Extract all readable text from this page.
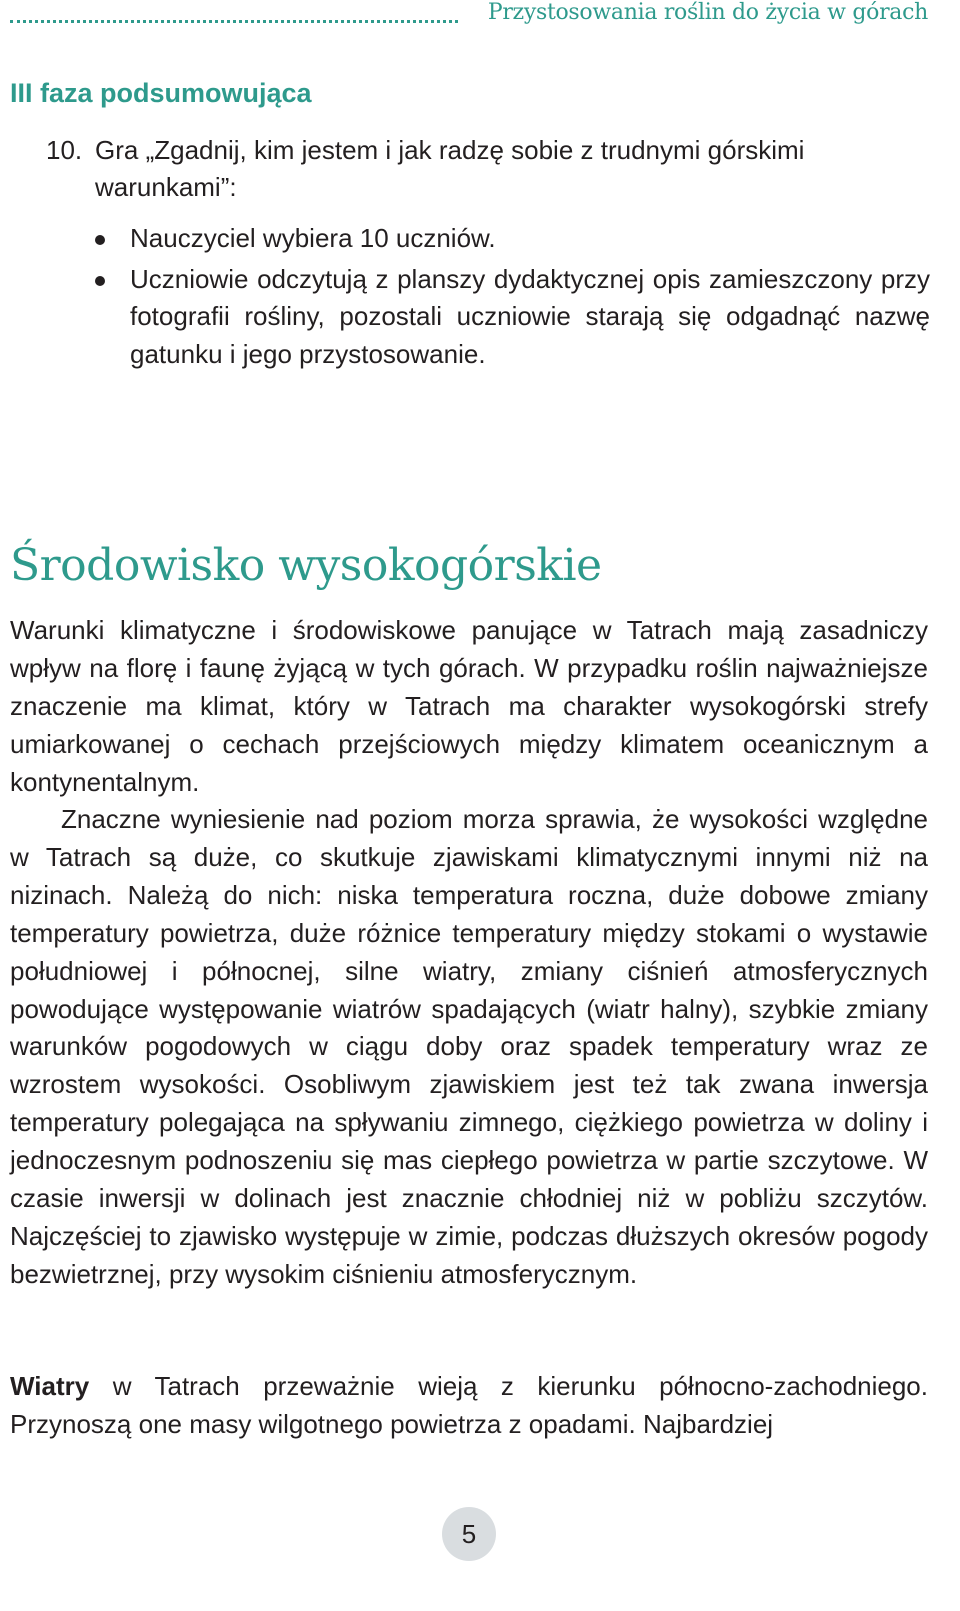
Przystosowania roślin do życia w górach
III faza podsumowująca
10. Gra „Zgadnij, kim jestem i jak radzę sobie z trudnymi górskimi warunkami”:
Nauczyciel wybiera 10 uczniów.
Uczniowie odczytują z planszy dydaktycznej opis zamieszczony przy fotografii rośliny, pozostali uczniowie starają się odgadnąć nazwę gatunku i jego przystosowanie.
Środowisko wysokogórskie

Warunki klimatyczne i środowiskowe panujące w Tatrach mają zasadniczy wpływ na florę i faunę żyjącą w tych górach. W przypadku roślin najważniejsze znaczenie ma klimat, który w Tatrach ma charakter wysokogórski strefy umiarkowanej o cechach przejściowych między klimatem oceanicznym a kontynentalnym.

Znaczne wyniesienie nad poziom morza sprawia, że wysokości względne w Tatrach są duże, co skutkuje zjawiskami klimatycznymi innymi niż na nizinach. Należą do nich: niska temperatura roczna, duże dobowe zmiany temperatury powietrza, duże różnice temperatury między stokami o wystawie południowej i północnej, silne wiatry, zmiany ciśnień atmosferycznych powodujące występowanie wiatrów spadających (wiatr halny), szybkie zmiany warunków pogodowych w ciągu doby oraz spadek temperatury wraz ze wzrostem wysokości. Osobliwym zjawiskiem jest też tak zwana inwersja temperatury polegająca na spływaniu zimnego, ciężkiego powietrza w doliny i jednoczesnym podnoszeniu się mas ciepłego powietrza w partie szczytowe. W czasie inwersji w dolinach jest znacznie chłodniej niż w pobliżu szczytów. Najczęściej to zjawisko występuje w zimie, podczas dłuższych okresów pogody bezwietrznej, przy wysokim ciśnieniu atmosferycznym.

Wiatry w Tatrach przeważnie wieją z kierunku północno-zachodniego. Przynoszą one masy wilgotnego powietrza z opadami. Najbardziej

5
